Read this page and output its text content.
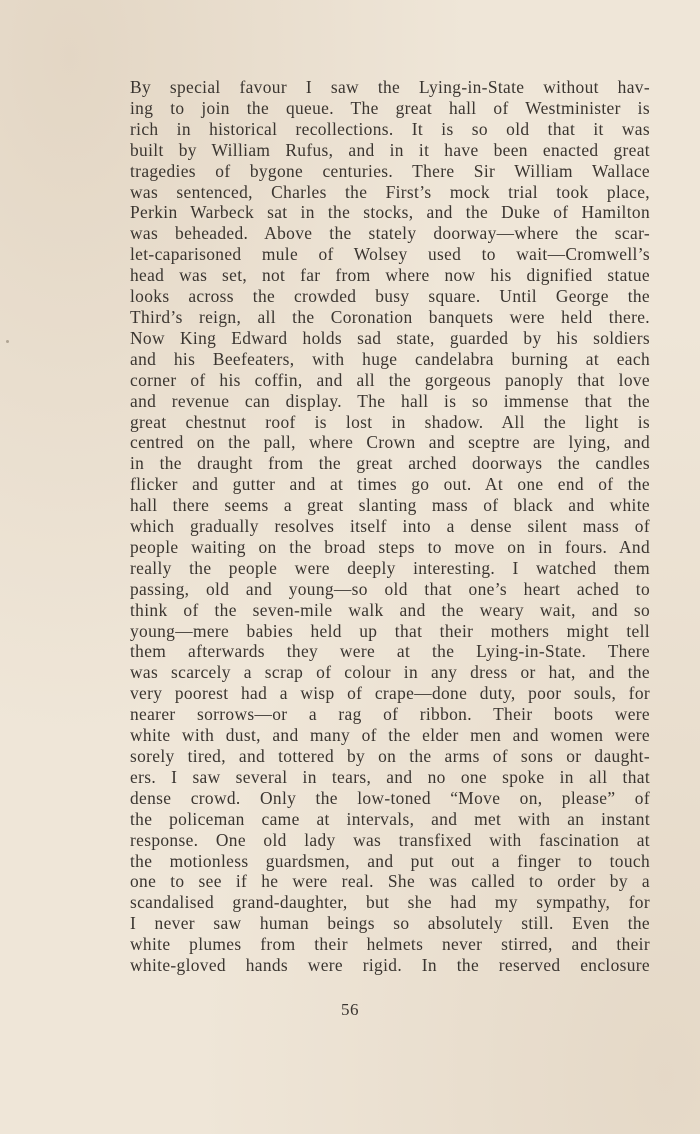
By special favour I saw the Lying-in-State without hav-
ing to join the queue. The great hall of Westminister is
rich in historical recollections. It is so old that it was
built by William Rufus, and in it have been enacted great
tragedies of bygone centuries. There Sir William Wallace
was sentenced, Charles the First’s mock trial took place,
Perkin Warbeck sat in the stocks, and the Duke of Hamilton
was beheaded. Above the stately doorway—where the scar-
let-caparisoned mule of Wolsey used to wait—Cromwell’s
head was set, not far from where now his dignified statue
looks across the crowded busy square. Until George the
Third’s reign, all the Coronation banquets were held there.
Now King Edward holds sad state, guarded by his soldiers
and his Beefeaters, with huge candelabra burning at each
corner of his coffin, and all the gorgeous panoply that love
and revenue can display. The hall is so immense that the
great chestnut roof is lost in shadow. All the light is
centred on the pall, where Crown and sceptre are lying, and
in the draught from the great arched doorways the candles
flicker and gutter and at times go out. At one end of the
hall there seems a great slanting mass of black and white
which gradually resolves itself into a dense silent mass of
people waiting on the broad steps to move on in fours. And
really the people were deeply interesting. I watched them
passing, old and young—so old that one’s heart ached to
think of the seven-mile walk and the weary wait, and so
young—mere babies held up that their mothers might tell
them afterwards they were at the Lying-in-State. There
was scarcely a scrap of colour in any dress or hat, and the
very poorest had a wisp of crape—done duty, poor souls, for
nearer sorrows—or a rag of ribbon. Their boots were
white with dust, and many of the elder men and women were
sorely tired, and tottered by on the arms of sons or daught-
ers. I saw several in tears, and no one spoke in all that
dense crowd. Only the low-toned “Move on, please” of
the policeman came at intervals, and met with an instant
response. One old lady was transfixed with fascination at
the motionless guardsmen, and put out a finger to touch
one to see if he were real. She was called to order by a
scandalised grand-daughter, but she had my sympathy, for
I never saw human beings so absolutely still. Even the
white plumes from their helmets never stirred, and their
white-gloved hands were rigid. In the reserved enclosure
56
